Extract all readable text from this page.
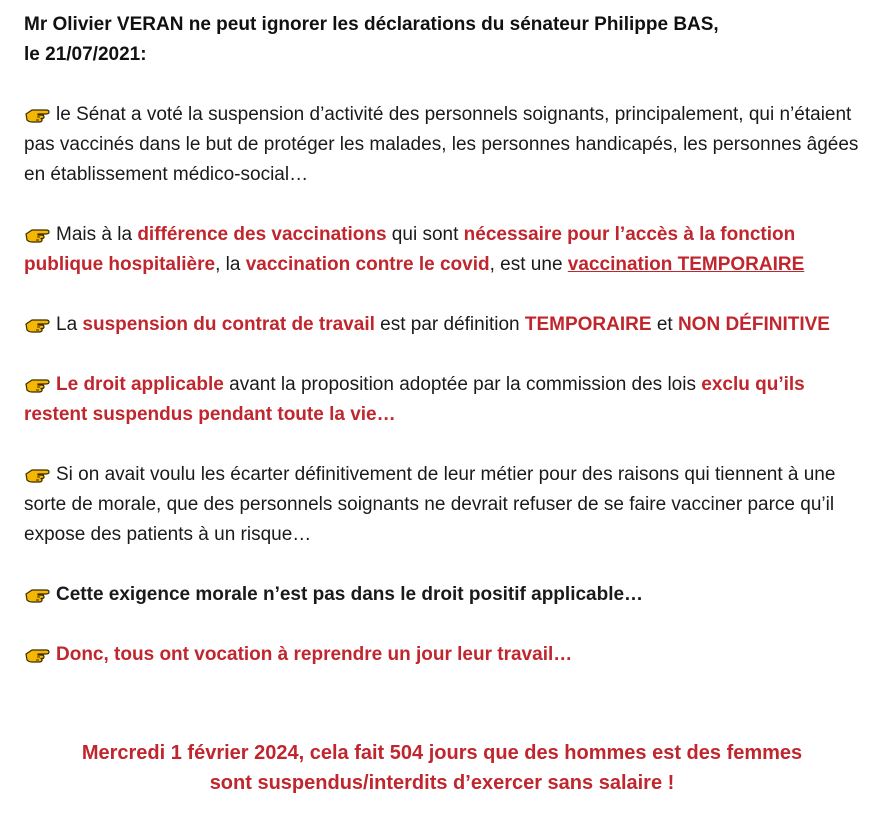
Mr Olivier VERAN ne peut ignorer les déclarations du sénateur Philippe BAS,
le 21/07/2021:
le Sénat a voté la suspension d’activité des personnels soignants, principalement, qui n’étaient pas vaccinés dans le but de protéger les malades, les personnes handicapés, les personnes âgées en établissement médico-social…
Mais à la différence des vaccinations qui sont nécessaire pour l’accès à la fonction publique hospitalière, la vaccination contre le covid, est une vaccination TEMPORAIRE
La suspension du contrat de travail est par définition TEMPORAIRE et NON DÉFINITIVE
Le droit applicable avant la proposition adoptée par la commission des lois exclu qu’ils restent suspendus pendant toute la vie…
Si on avait voulu les écarter définitivement de leur métier pour des raisons qui tiennent à une sorte de morale, que des personnels soignants ne devrait refuser de se faire vacciner parce qu’il expose des patients à un risque…
Cette exigence morale n’est pas dans le droit positif applicable…
Donc, tous ont vocation à reprendre un jour leur travail…
Mercredi 1 février 2024, cela fait 504 jours que des hommes est des femmes
sont suspendus/interdits d’exercer sans salaire !
